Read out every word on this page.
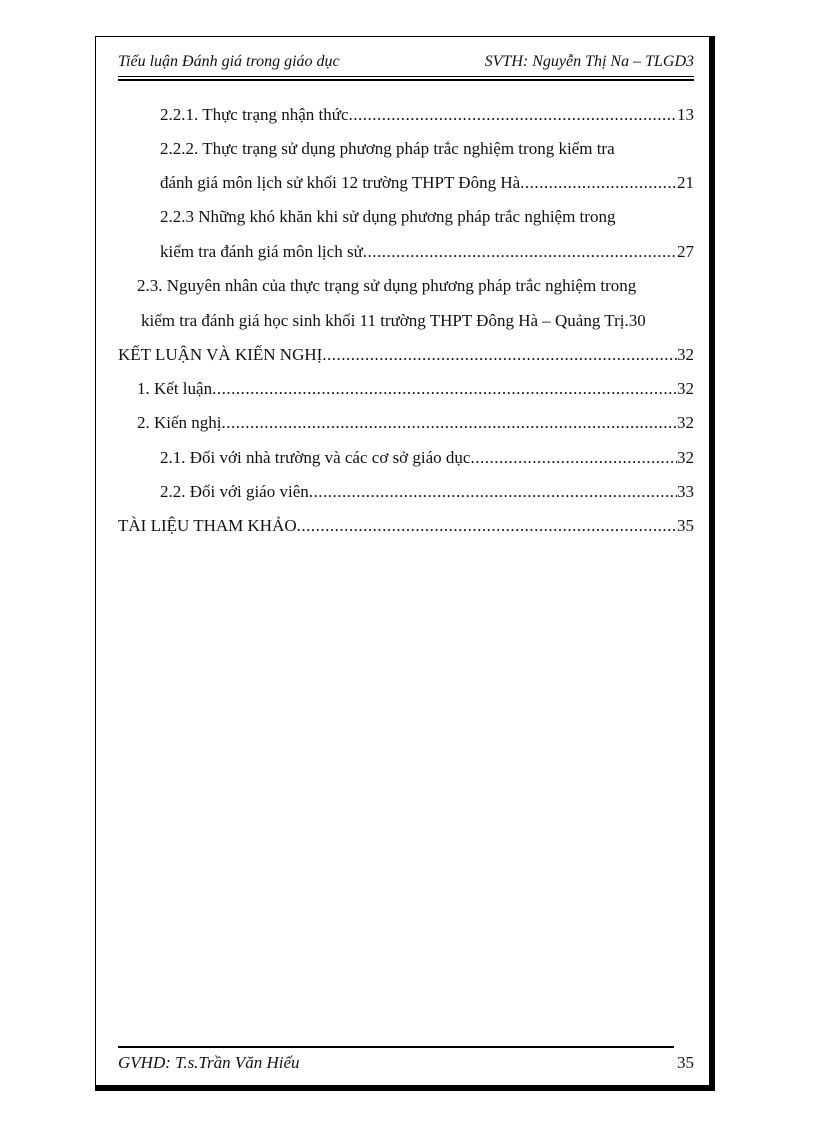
Tiểu luận Đánh giá trong giáo dục	SVTH: Nguyễn Thị Na – TLGD3
2.2.1. Thực trạng nhận thức .....	13
2.2.2. Thực trạng sử dụng phương pháp trắc nghiệm trong kiểm tra
đánh giá môn lịch sử khối 12 trường THPT Đông Hà .....	21
2.2.3 Những khó khăn khi sử dụng phương pháp trắc nghiệm trong
kiểm tra đánh giá môn lịch sử .....	27
2.3. Nguyên nhân của thực trạng sử dụng phương pháp trắc nghiệm trong
kiểm tra đánh giá học sinh khối 11 trường THPT Đông Hà – Quảng Trị.30
KẾT LUẬN VÀ KIẾN NGHỊ .....	32
1. Kết luận .....	32
2. Kiến nghị .....	32
2.1. Đối với nhà trường và các cơ sở giáo dục .....	32
2.2. Đối với giáo viên .....	33
TÀI LIỆU THAM KHẢO .....	35
GVHD: T.s.Trần Văn Hiếu	35
